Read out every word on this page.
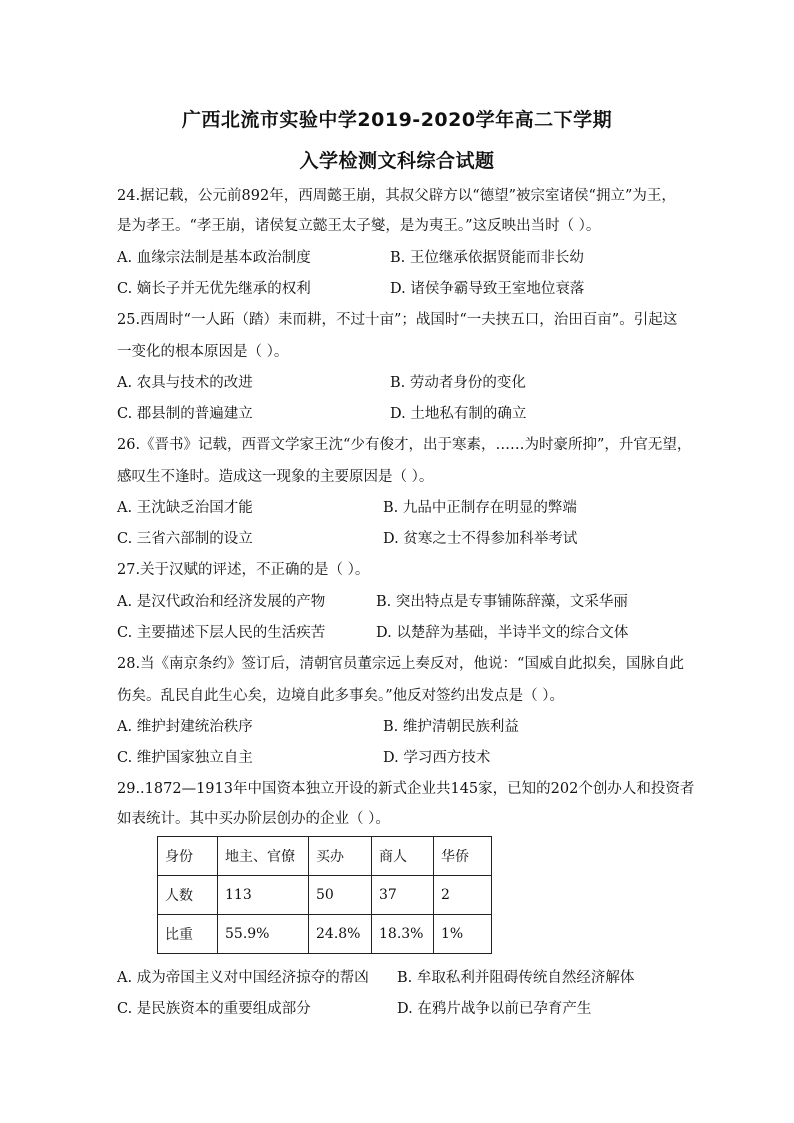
广西北流市实验中学2019-2020学年高二下学期
入学检测文科综合试题
24.据记载，公元前892年，西周懿王崩，其叔父辟方以“德望”被宗室诸侯“拥立”为王，
是为孝王。“孝王崩，诸侯复立懿王太子燮，是为夷王。”这反映出当时（ ）。
A. 血缘宗法制是基本政治制度	B. 王位继承依据贤能而非长幼
C. 嫡长子并无优先继承的权利	D. 诸侯争霸导致王室地位衰落
25.西周时“一人跖（踏）耒而耕，不过十亩”；战国时“一夫挟五口，治田百亩”。引起这
一变化的根本原因是（ ）。
A. 农具与技术的改进	B. 劳动者身份的变化
C. 郡县制的普遍建立	D. 土地私有制的确立
26.《晋书》记载，西晋文学家王沈“少有俊才，出于寒素，……为时豪所抑”，升官无望，
感叹生不逢时。造成这一现象的主要原因是（ ）。
A. 王沈缺乏治国才能	B. 九品中正制存在明显的弊端
C. 三省六部制的设立	D. 贫寒之士不得参加科举考试
27.关于汉赋的评述，不正确的是（ ）。
A. 是汉代政治和经济发展的产物	B. 突出特点是专事铺陈辞藻，文采华丽
C. 主要描述下层人民的生活疾苦	D. 以楚辞为基础，半诗半文的综合文体
28.当《南京条约》签订后，清朝官员董宗远上奏反对，他说：“国威自此拟矣，国脉自此
伤矣。乱民自此生心矣，边境自此多事矣。”他反对签约出发点是（ ）。
A. 维护封建统治秩序	B. 维护清朝民族利益
C. 维护国家独立自主	D. 学习西方技术
29..1872—1913年中国资本独立开设的新式企业共145家，已知的202个创办人和投资者
如表统计。其中买办阶层创办的企业（ ）。
身份	地主、官僚	买办	商人	华侨
人数	113	50	37	2
比重	55.9%	24.8%	18.3%	1%
A. 成为帝国主义对中国经济掠夺的帮凶 B. 牟取私利并阻碍传统自然经济解体
C. 是民族资本的重要组成部分	D. 在鸦片战争以前已孕育产生
